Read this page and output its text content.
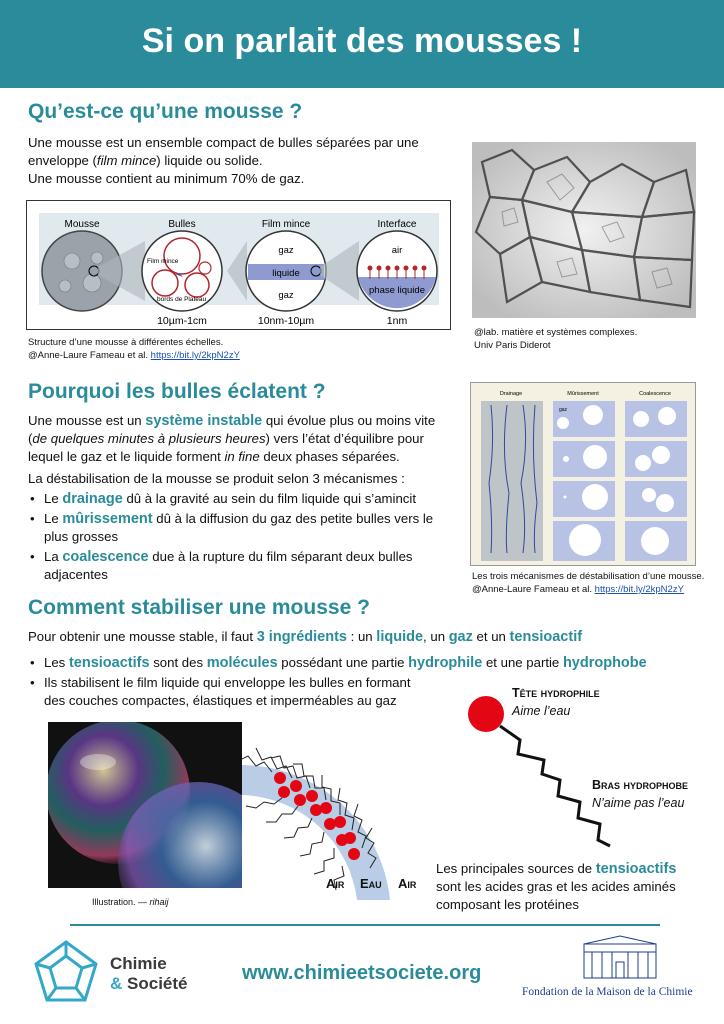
Si on parlait des mousses !
Qu’est-ce qu’une mousse ?
Une mousse est un ensemble compact de bulles séparées par une
enveloppe (film mince) liquide ou solide.
Une mousse contient au minimum 70% de gaz.
Mousse	Bulles	Film mince	Interface
Film mince
bords de Plateau
gaz
liquide
gaz
air
phase liquide
10µm-1cm	10nm-10µm	1nm
Structure d’une mousse à différentes échelles.
@Anne-Laure Fameau et al. https://bit.ly/2kpN2zY
@lab. matière et systèmes complexes.
Univ Paris Diderot
Pourquoi les bulles éclatent ?
Une mousse est un système instable qui évolue plus ou moins vite
(de quelques minutes à plusieurs heures) vers l’état d’équilibre pour
lequel le gaz et le liquide forment in fine deux phases séparées.
La déstabilisation de la mousse se produit selon 3 mécanismes :
• Le drainage dû à la gravité au sein du film liquide qui s’amincit
• Le mûrissement dû à la diffusion du gaz des petite bulles vers le plus grosses
• La coalescence due à la rupture du film séparant deux bulles adjacentes
Drainage	Mûrissement	Coalescence
gaz
Les trois mécanismes de déstabilisation d’une mousse.
@Anne-Laure Fameau et al. https://bit.ly/2kpN2zY
Comment stabiliser une mousse ?
Pour obtenir une mousse stable, il faut 3 ingrédients : un liquide, un gaz et un tensioactif
• Les tensioactifs sont des molécules possédant une partie hydrophile et une partie hydrophobe
• Ils stabilisent le film liquide qui enveloppe les bulles en formant des couches compactes, élastiques et imperméables au gaz
Illustration. — rihaij
Air Eau Air
Tête hydrophile
Aime l’eau
Bras hydrophobe
N’aime pas l’eau
Les principales sources de tensioactifs
sont les acides gras et les acides aminés
composant les protéines
Chimie
& Société	www.chimieetsociete.org
Fondation de la Maison de la Chimie
